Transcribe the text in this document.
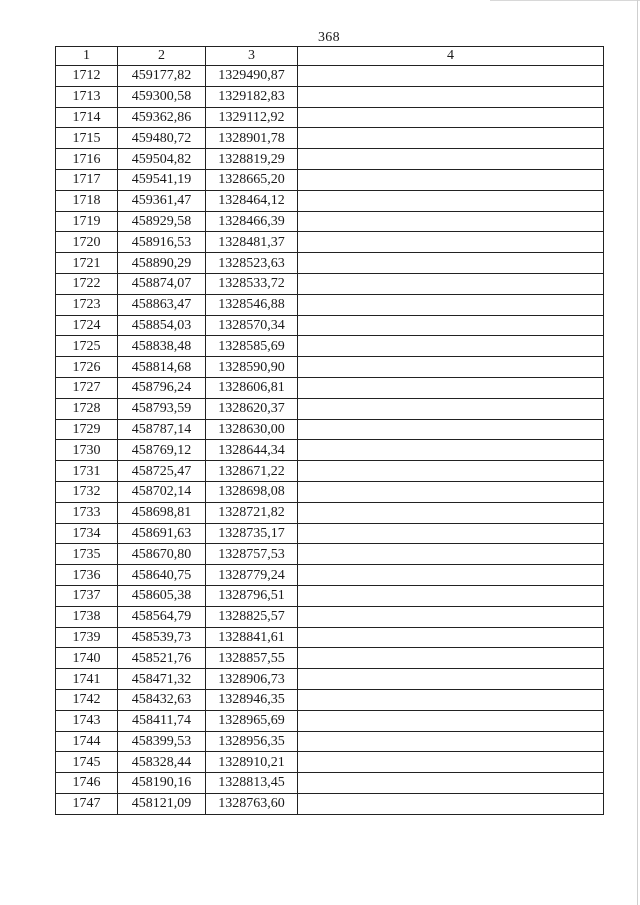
368
1	2	3	4
1712	459177,82	1329490,87	
1713	459300,58	1329182,83	
1714	459362,86	1329112,92	
1715	459480,72	1328901,78	
1716	459504,82	1328819,29	
1717	459541,19	1328665,20	
1718	459361,47	1328464,12	
1719	458929,58	1328466,39	
1720	458916,53	1328481,37	
1721	458890,29	1328523,63	
1722	458874,07	1328533,72	
1723	458863,47	1328546,88	
1724	458854,03	1328570,34	
1725	458838,48	1328585,69	
1726	458814,68	1328590,90	
1727	458796,24	1328606,81	
1728	458793,59	1328620,37	
1729	458787,14	1328630,00	
1730	458769,12	1328644,34	
1731	458725,47	1328671,22	
1732	458702,14	1328698,08	
1733	458698,81	1328721,82	
1734	458691,63	1328735,17	
1735	458670,80	1328757,53	
1736	458640,75	1328779,24	
1737	458605,38	1328796,51	
1738	458564,79	1328825,57	
1739	458539,73	1328841,61	
1740	458521,76	1328857,55	
1741	458471,32	1328906,73	
1742	458432,63	1328946,35	
1743	458411,74	1328965,69	
1744	458399,53	1328956,35	
1745	458328,44	1328910,21	
1746	458190,16	1328813,45	
1747	458121,09	1328763,60	
